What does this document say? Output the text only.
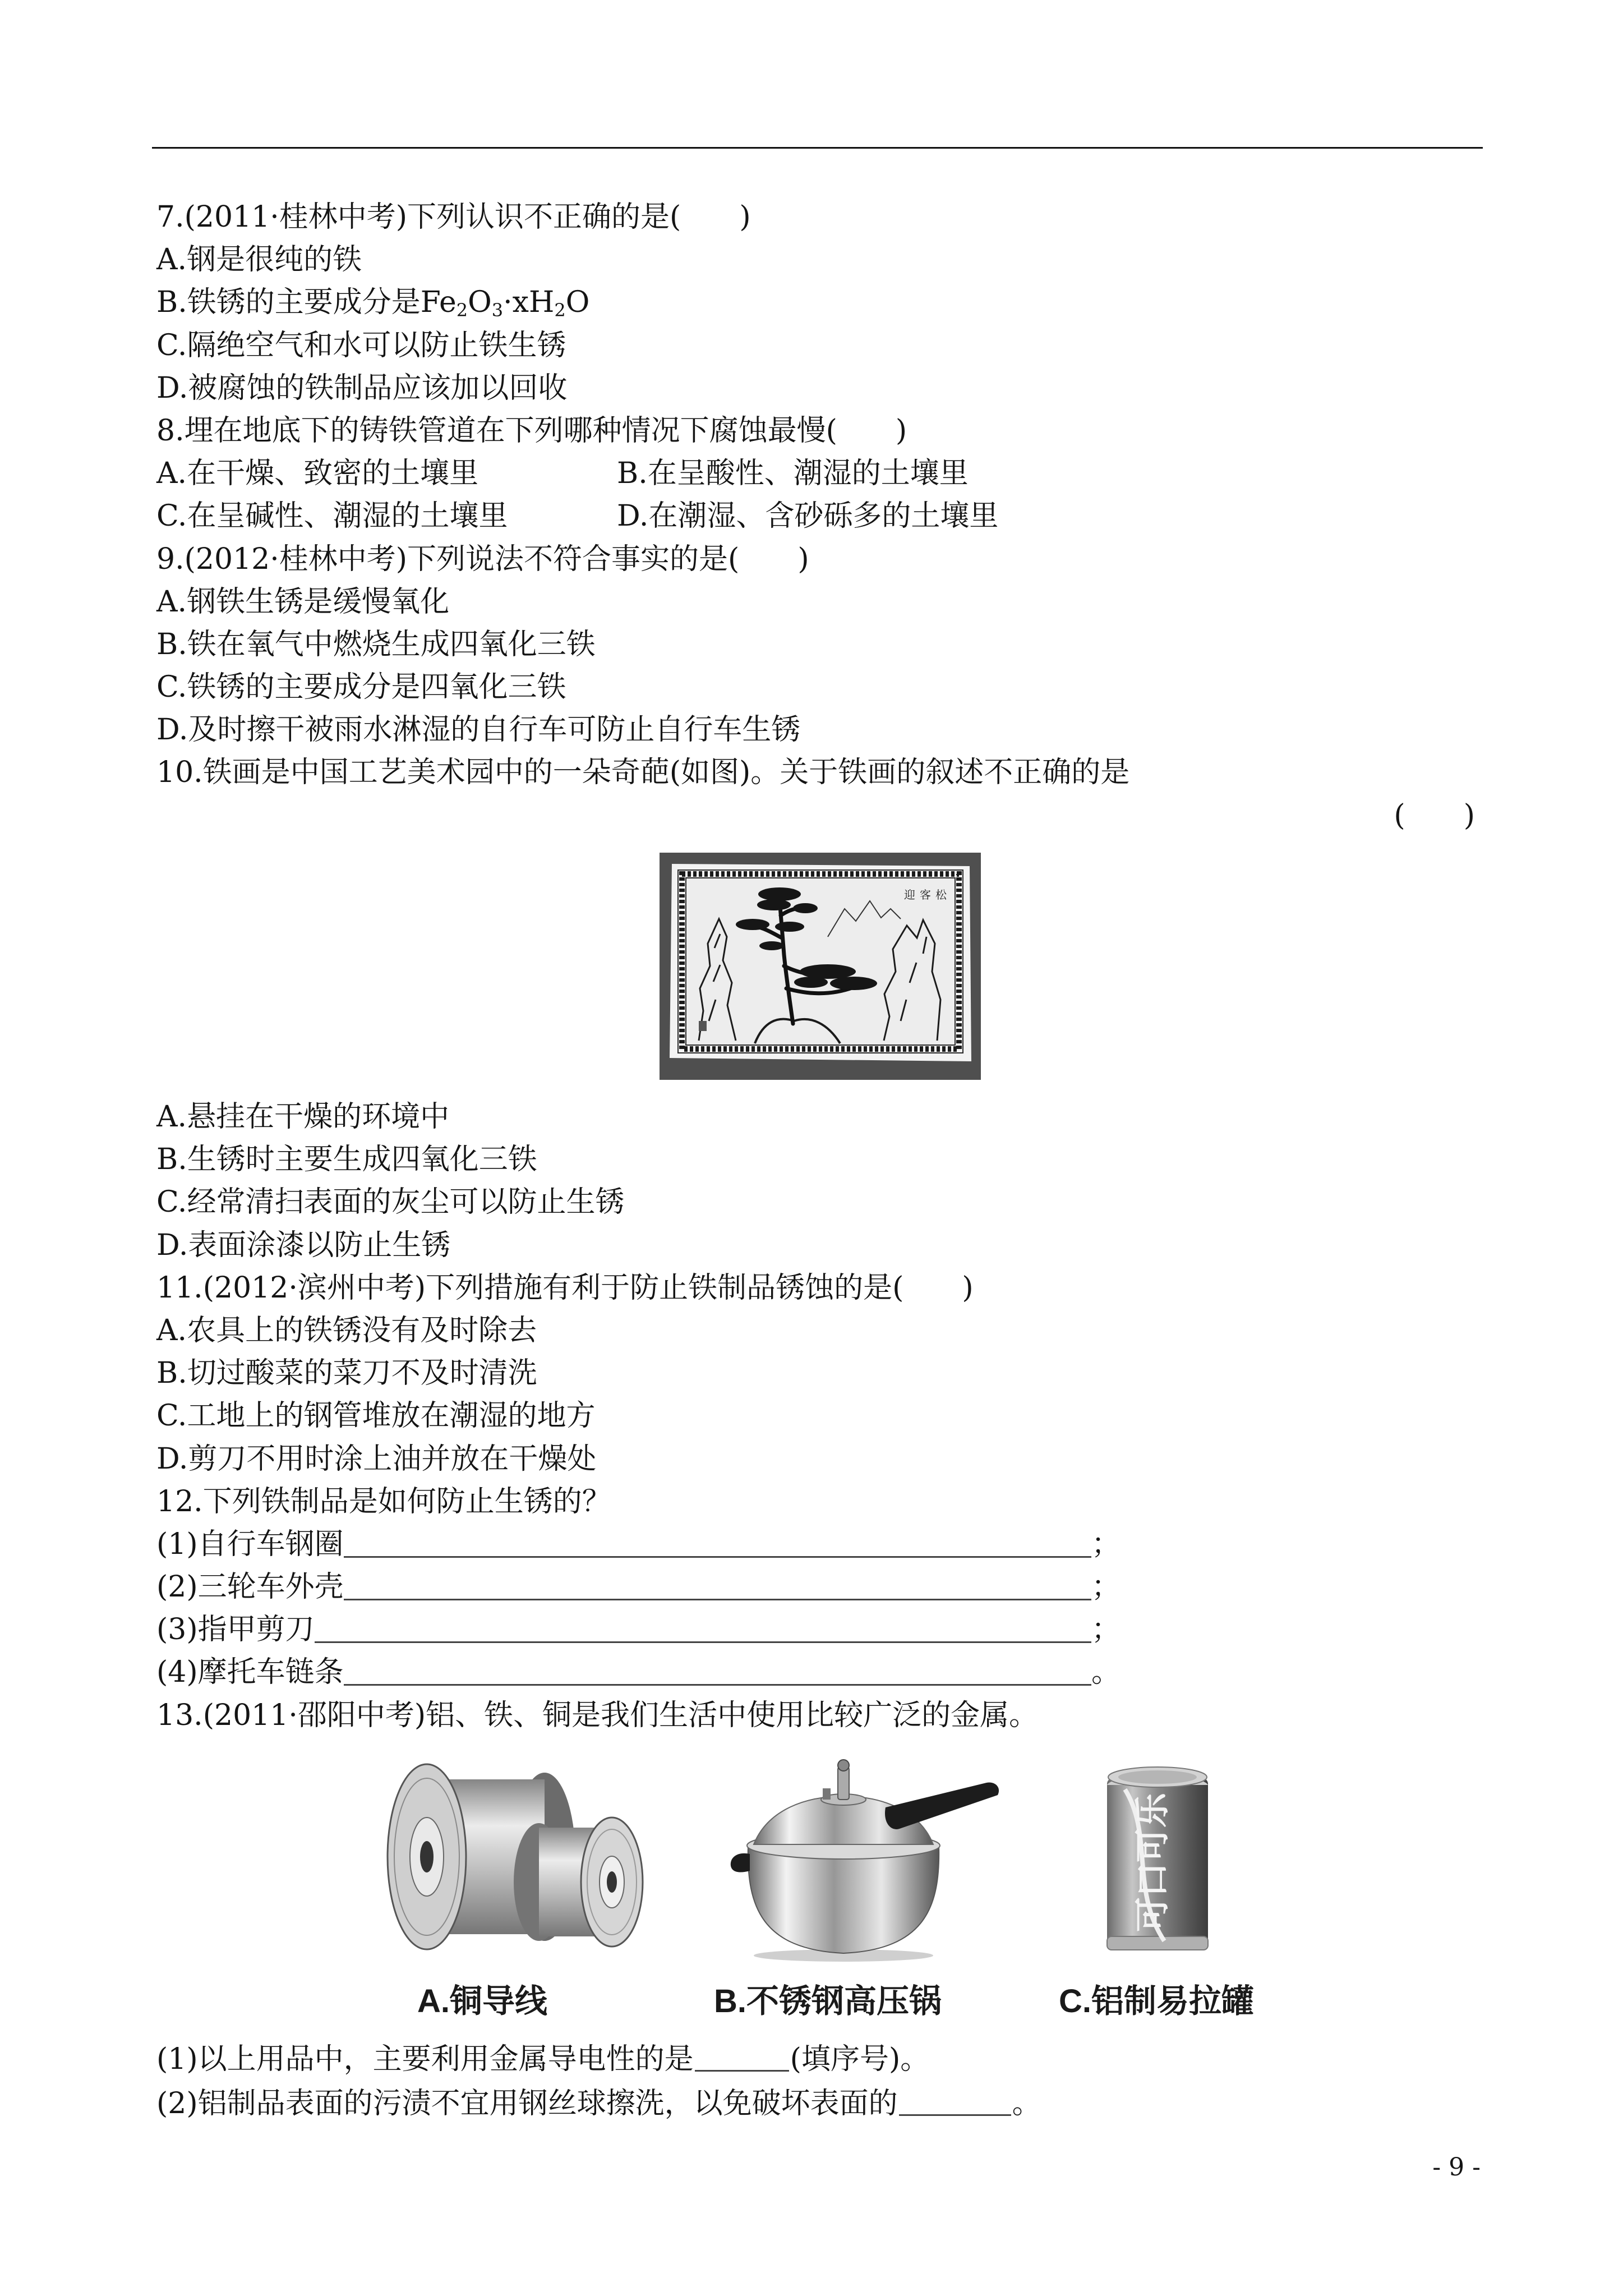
7.(2011·桂林中考)下列认识不正确的是(　　)
A.钢是很纯的铁
B.铁锈的主要成分是$Fe_2O_3\cdot xH_2O$
C.隔绝空气和水可以防止铁生锈
D.被腐蚀的铁制品应该加以回收
8.埋在地底下的铸铁管道在下列哪种情况下腐蚀最慢(　　)
A.在干燥、致密的土壤里	B.在呈酸性、潮湿的土壤里
C.在呈碱性、潮湿的土壤里	D.在潮湿、含砂砾多的土壤里
9.(2012·桂林中考)下列说法不符合事实的是(　　)
A.钢铁生锈是缓慢氧化
B.铁在氧气中燃烧生成四氧化三铁
C.铁锈的主要成分是四氧化三铁
D.及时擦干被雨水淋湿的自行车可防止自行车生锈
10.铁画是中国工艺美术园中的一朵奇葩(如图)。关于铁画的叙述不正确的是
(　　)
迎客松
A.悬挂在干燥的环境中
B.生锈时主要生成四氧化三铁
C.经常清扫表面的灰尘可以防止生锈
D.表面涂漆以防止生锈
11.(2012·滨州中考)下列措施有利于防止铁制品锈蚀的是(　　)
A.农具上的铁锈没有及时除去
B.切过酸菜的菜刀不及时清洗
C.工地上的钢管堆放在潮湿的地方
D.剪刀不用时涂上油并放在干燥处
12.下列铁制品是如何防止生锈的？
(1)自行车钢圈	；
(2)三轮车外壳	；
(3)指甲剪刀	；
(4)摩托车链条	。
13.(2011·邵阳中考)铝、铁、铜是我们生活中使用比较广泛的金属。
可口可乐
A.铜导线	B.不锈钢高压锅	C.铝制易拉罐
(1)以上用品中，主要利用金属导电性的是	(填序号)。
(2)铝制品表面的污渍不宜用钢丝球擦洗，以免破坏表面的	。
- 9 -
